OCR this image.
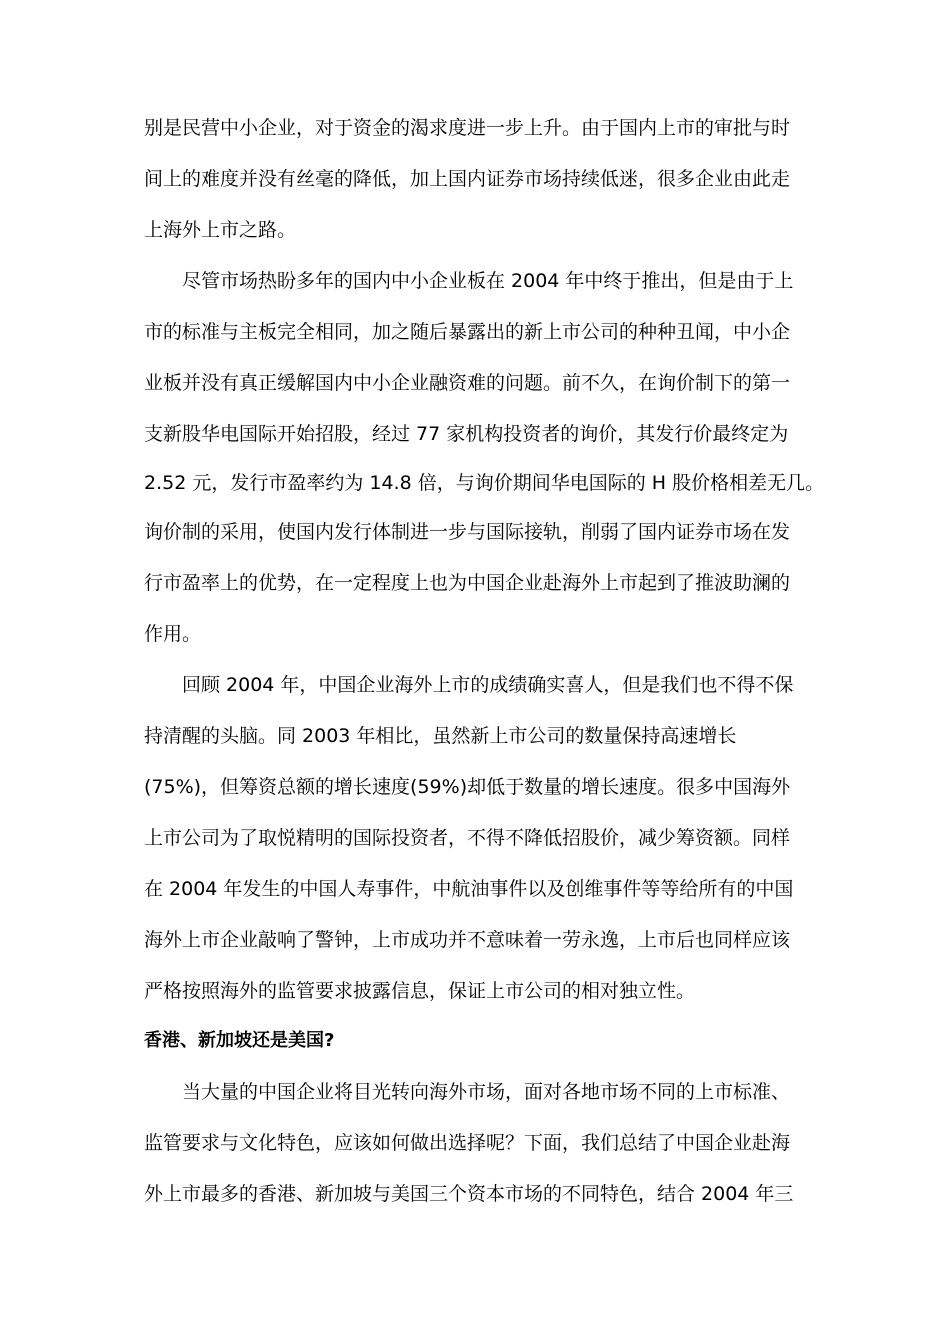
别是民营中小企业，对于资金的渴求度进一步上升。由于国内上市的审批与时
间上的难度并没有丝毫的降低，加上国内证券市场持续低迷，很多企业由此走
上海外上市之路。
尽管市场热盼多年的国内中小企业板在 2004 年中终于推出，但是由于上
市的标准与主板完全相同，加之随后暴露出的新上市公司的种种丑闻，中小企
业板并没有真正缓解国内中小企业融资难的问题。前不久，在询价制下的第一
支新股华电国际开始招股，经过 77 家机构投资者的询价，其发行价最终定为
2.52 元，发行市盈率约为 14.8 倍，与询价期间华电国际的 H 股价格相差无几。
询价制的采用，使国内发行体制进一步与国际接轨，削弱了国内证券市场在发
行市盈率上的优势，在一定程度上也为中国企业赴海外上市起到了推波助澜的
作用。
回顾 2004 年，中国企业海外上市的成绩确实喜人，但是我们也不得不保
持清醒的头脑。同 2003 年相比，虽然新上市公司的数量保持高速增长
(75%)，但筹资总额的增长速度(59%)却低于数量的增长速度。很多中国海外
上市公司为了取悦精明的国际投资者，不得不降低招股价，减少筹资额。同样
在 2004 年发生的中国人寿事件，中航油事件以及创维事件等等给所有的中国
海外上市企业敲响了警钟，上市成功并不意味着一劳永逸，上市后也同样应该
严格按照海外的监管要求披露信息，保证上市公司的相对独立性。
香港、新加坡还是美国?
当大量的中国企业将目光转向海外市场，面对各地市场不同的上市标准、
监管要求与文化特色，应该如何做出选择呢？下面，我们总结了中国企业赴海
外上市最多的香港、新加坡与美国三个资本市场的不同特色，结合 2004 年三
